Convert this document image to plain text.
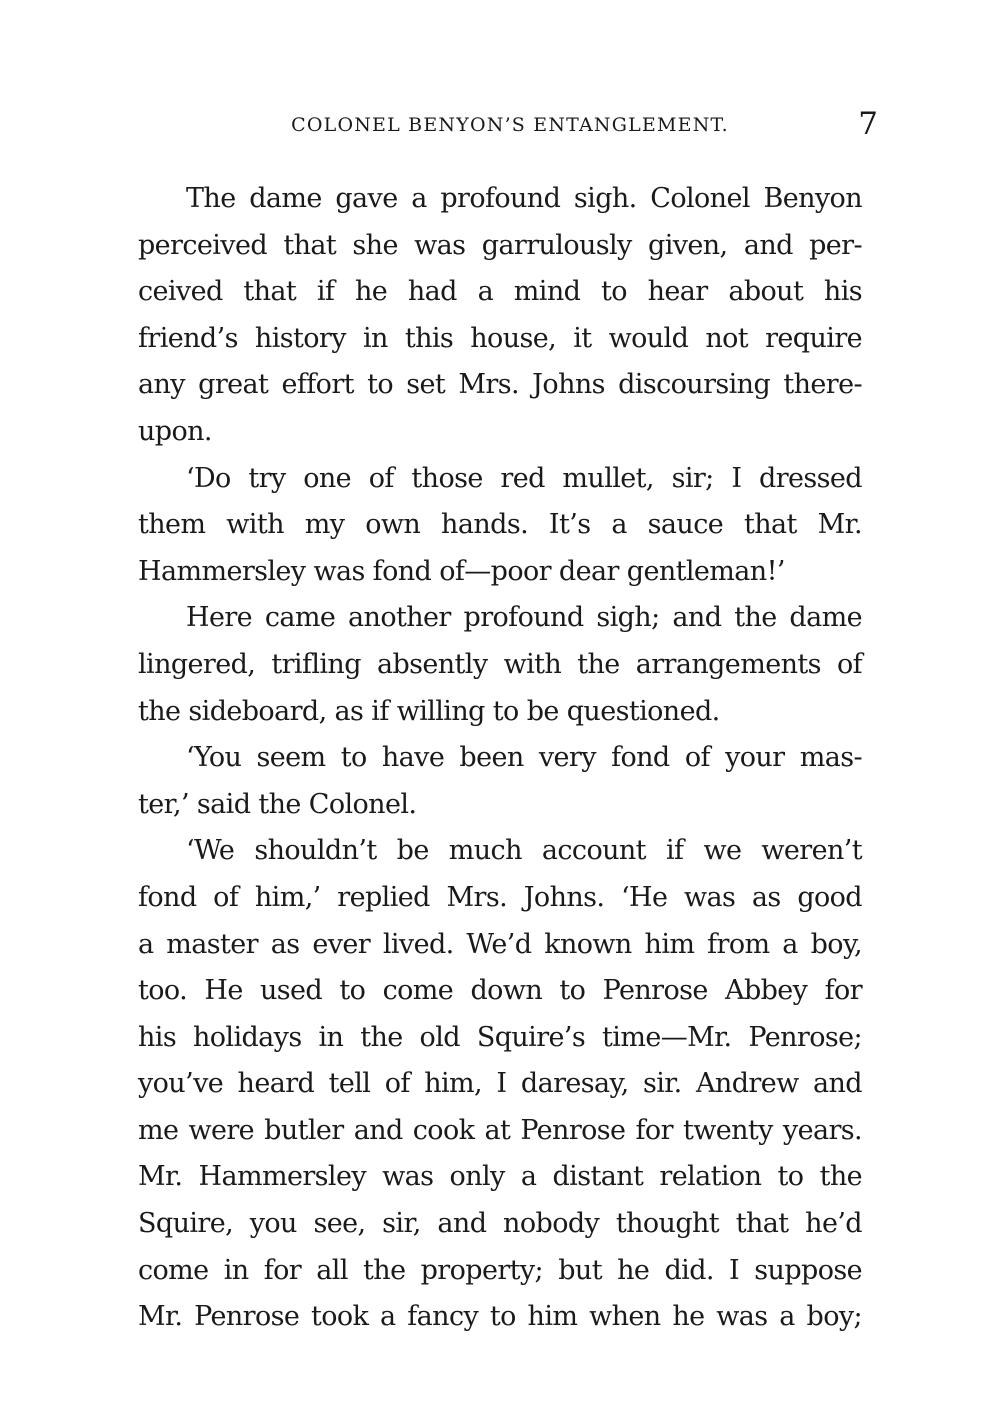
COLONEL BENYON’S ENTANGLEMENT.	7
The dame gave a profound sigh. Colonel Benyon
perceived that she was garrulously given, and per-
ceived that if he had a mind to hear about his
friend’s history in this house, it would not require
any great effort to set Mrs. Johns discoursing there-
upon.
‘Do try one of those red mullet, sir; I dressed
them with my own hands. It’s a sauce that Mr.
Hammersley was fond of—poor dear gentleman!’
Here came another profound sigh; and the dame
lingered, trifling absently with the arrangements of
the sideboard, as if willing to be questioned.
‘You seem to have been very fond of your mas-
ter,’ said the Colonel.
‘We shouldn’t be much account if we weren’t
fond of him,’ replied Mrs. Johns. ‘He was as good
a master as ever lived. We’d known him from a boy,
too. He used to come down to Penrose Abbey for
his holidays in the old Squire’s time—Mr. Penrose;
you’ve heard tell of him, I daresay, sir. Andrew and
me were butler and cook at Penrose for twenty years.
Mr. Hammersley was only a distant relation to the
Squire, you see, sir, and nobody thought that he’d
come in for all the property; but he did. I suppose
Mr. Penrose took a fancy to him when he was a boy;
